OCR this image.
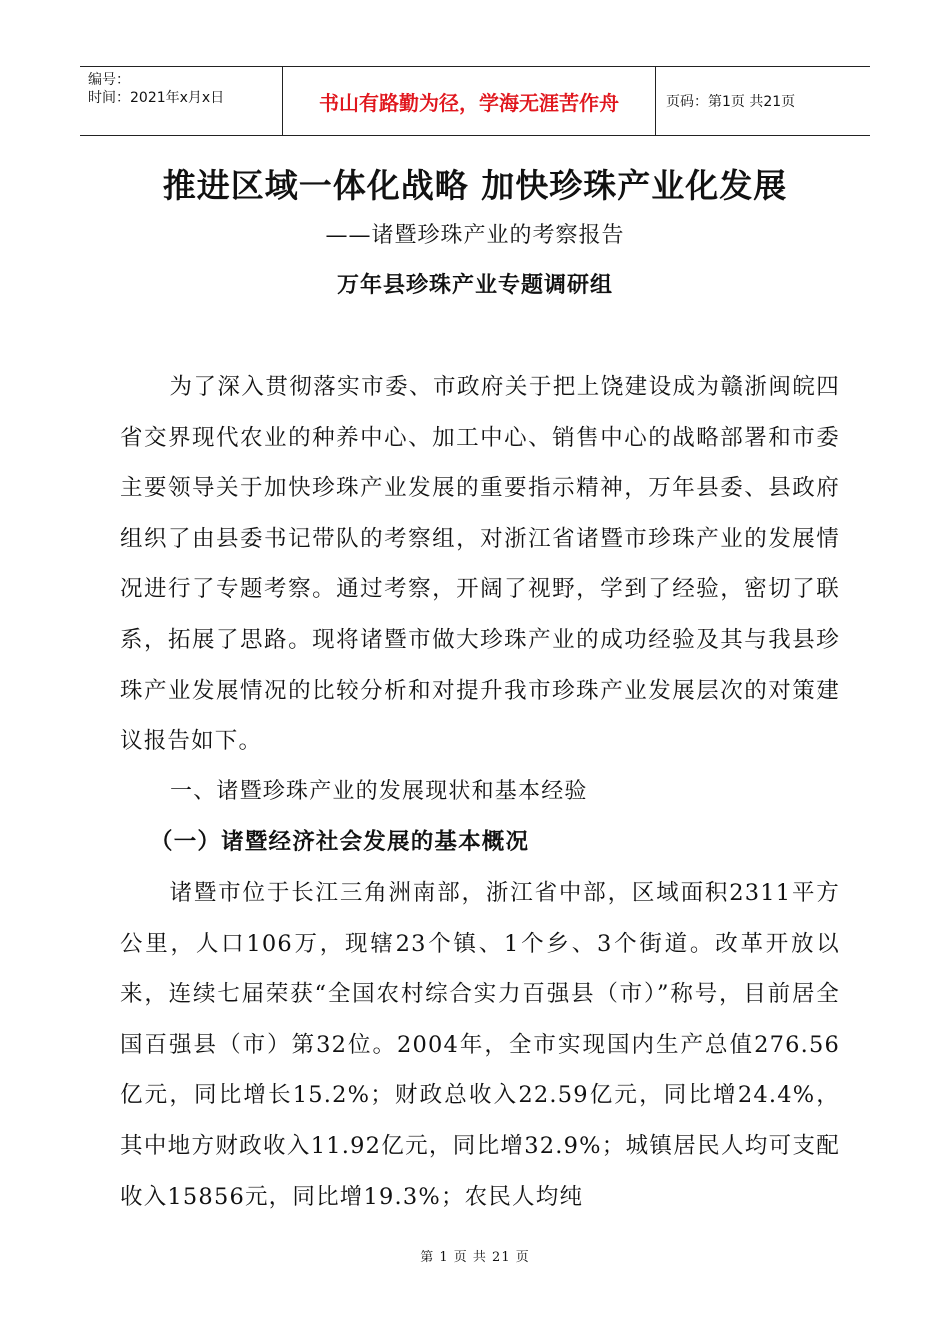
编号：
时间：2021年x月x日	书山有路勤为径，学海无涯苦作舟	页码：第1页 共21页
推进区域一体化战略 加快珍珠产业化发展
——诸暨珍珠产业的考察报告
万年县珍珠产业专题调研组

为了深入贯彻落实市委、市政府关于把上饶建设成为赣浙闽皖四省交界现代农业的种养中心、加工中心、销售中心的战略部署和市委主要领导关于加快珍珠产业发展的重要指示精神，万年县委、县政府组织了由县委书记带队的考察组，对浙江省诸暨市珍珠产业的发展情况进行了专题考察。通过考察，开阔了视野，学到了经验，密切了联系，拓展了思路。现将诸暨市做大珍珠产业的成功经验及其与我县珍珠产业发展情况的比较分析和对提升我市珍珠产业发展层次的对策建议报告如下。

一、诸暨珍珠产业的发展现状和基本经验

（一）诸暨经济社会发展的基本概况

诸暨市位于长江三角洲南部，浙江省中部，区域面积2311平方公里，人口106万，现辖23个镇、1个乡、3个街道。改革开放以来，连续七届荣获“全国农村综合实力百强县（市）”称号，目前居全国百强县（市）第32位。2004年，全市实现国内生产总值276.56亿元，同比增长15.2%；财政总收入22.59亿元，同比增24.4%，其中地方财政收入11.92亿元，同比增32.9%；城镇居民人均可支配收入15856元，同比增19.3%；农民人均纯

第 1 页 共 21 页
